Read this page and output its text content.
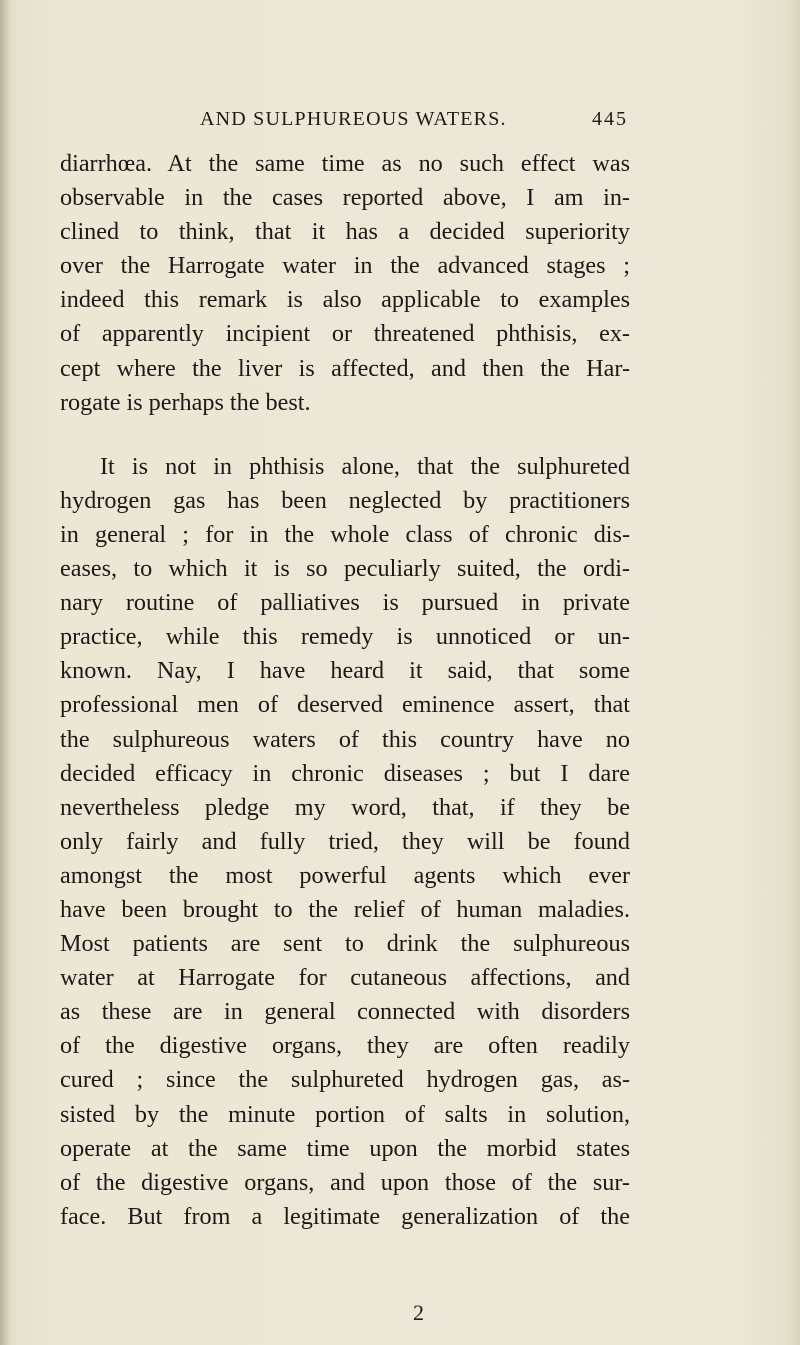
AND SULPHUREOUS WATERS.	445
diarrhœa. At the same time as no such effect was
observable in the cases reported above, I am in-
clined to think, that it has a decided superiority
over the Harrogate water in the advanced stages ;
indeed this remark is also applicable to examples
of apparently incipient or threatened phthisis, ex-
cept where the liver is affected, and then the Har-
rogate is perhaps the best.
It is not in phthisis alone, that the sulphureted
hydrogen gas has been neglected by practitioners
in general ; for in the whole class of chronic dis-
eases, to which it is so peculiarly suited, the ordi-
nary routine of palliatives is pursued in private
practice, while this remedy is unnoticed or un-
known. Nay, I have heard it said, that some
professional men of deserved eminence assert, that
the sulphureous waters of this country have no
decided efficacy in chronic diseases ; but I dare
nevertheless pledge my word, that, if they be
only fairly and fully tried, they will be found
amongst the most powerful agents which ever
have been brought to the relief of human maladies.
Most patients are sent to drink the sulphureous
water at Harrogate for cutaneous affections, and
as these are in general connected with disorders
of the digestive organs, they are often readily
cured ; since the sulphureted hydrogen gas, as-
sisted by the minute portion of salts in solution,
operate at the same time upon the morbid states
of the digestive organs, and upon those of the sur-
face. But from a legitimate generalization of the
2
